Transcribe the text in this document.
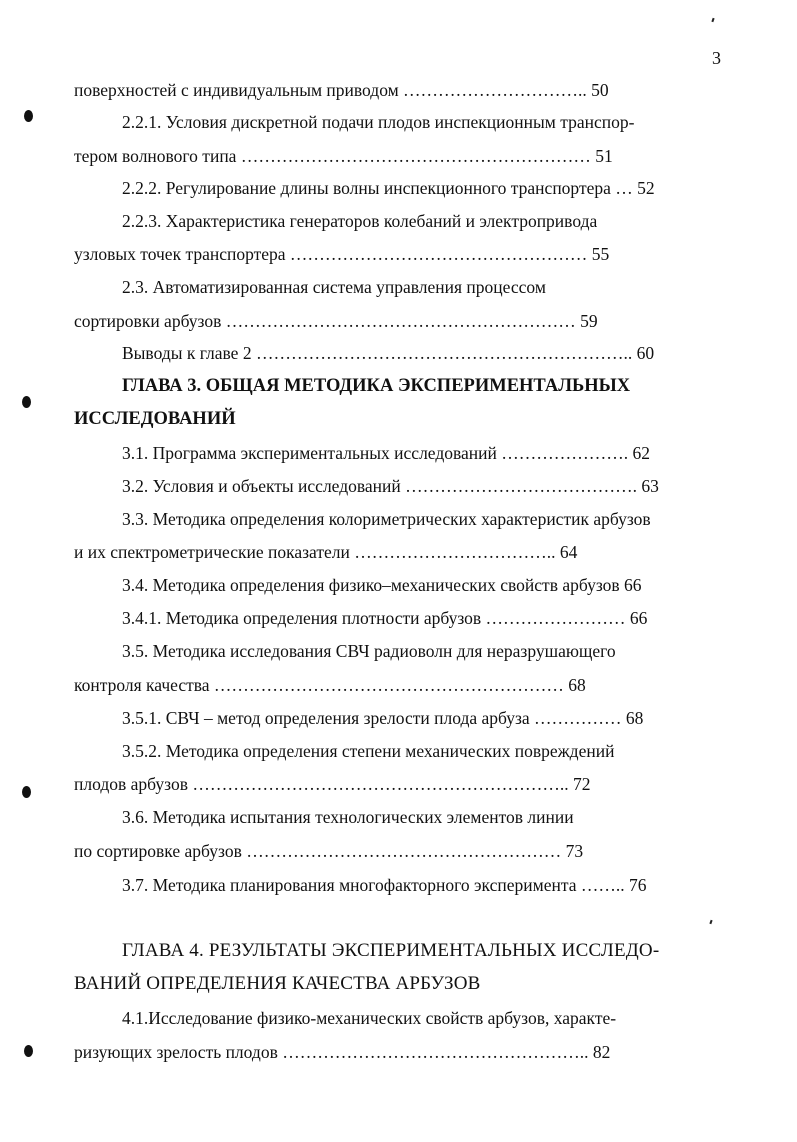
3
поверхностей с индивидуальным приводом ………………………….. 50
2.2.1. Условия дискретной подачи плодов инспекционным транспор-
тером волнового типа …………………………………………………… 51
2.2.2. Регулирование длины волны инспекционного транспортера … 52
2.2.3. Характеристика генераторов колебаний и электропривода
узловых точек транспортера …………………………………………… 55
2.3. Автоматизированная система управления процессом
сортировки арбузов …………………………………………………… 59
Выводы к главе 2 ……………………………………………………….. 60
ГЛАВА 3. ОБЩАЯ МЕТОДИКА ЭКСПЕРИМЕНТАЛЬНЫХ
ИССЛЕДОВАНИЙ
3.1. Программа экспериментальных исследований …………………. 62
3.2. Условия и объекты исследований …………………………………. 63
3.3. Методика определения колориметрических характеристик арбузов
и их спектрометрические показатели …………………………….. 64
3.4. Методика определения физико–механических свойств арбузов 66
3.4.1. Методика определения плотности арбузов …………………… 66
3.5. Методика исследования СВЧ радиоволн для неразрушающего
контроля качества …………………………………………………… 68
3.5.1. СВЧ – метод определения зрелости плода арбуза …………… 68
3.5.2. Методика определения степени механических повреждений
плодов арбузов ……………………………………………………….. 72
3.6. Методика испытания технологических элементов линии
по сортировке арбузов ……………………………………………… 73
3.7. Методика планирования многофакторного эксперимента …….. 76
ГЛАВА 4. РЕЗУЛЬТАТЫ ЭКСПЕРИМЕНТАЛЬНЫХ ИССЛЕДО-
ВАНИЙ ОПРЕДЕЛЕНИЯ КАЧЕСТВА АРБУЗОВ
4.1.Исследование физико-механических свойств арбузов, характе-
ризующих зрелость плодов …………………………………………….. 82
